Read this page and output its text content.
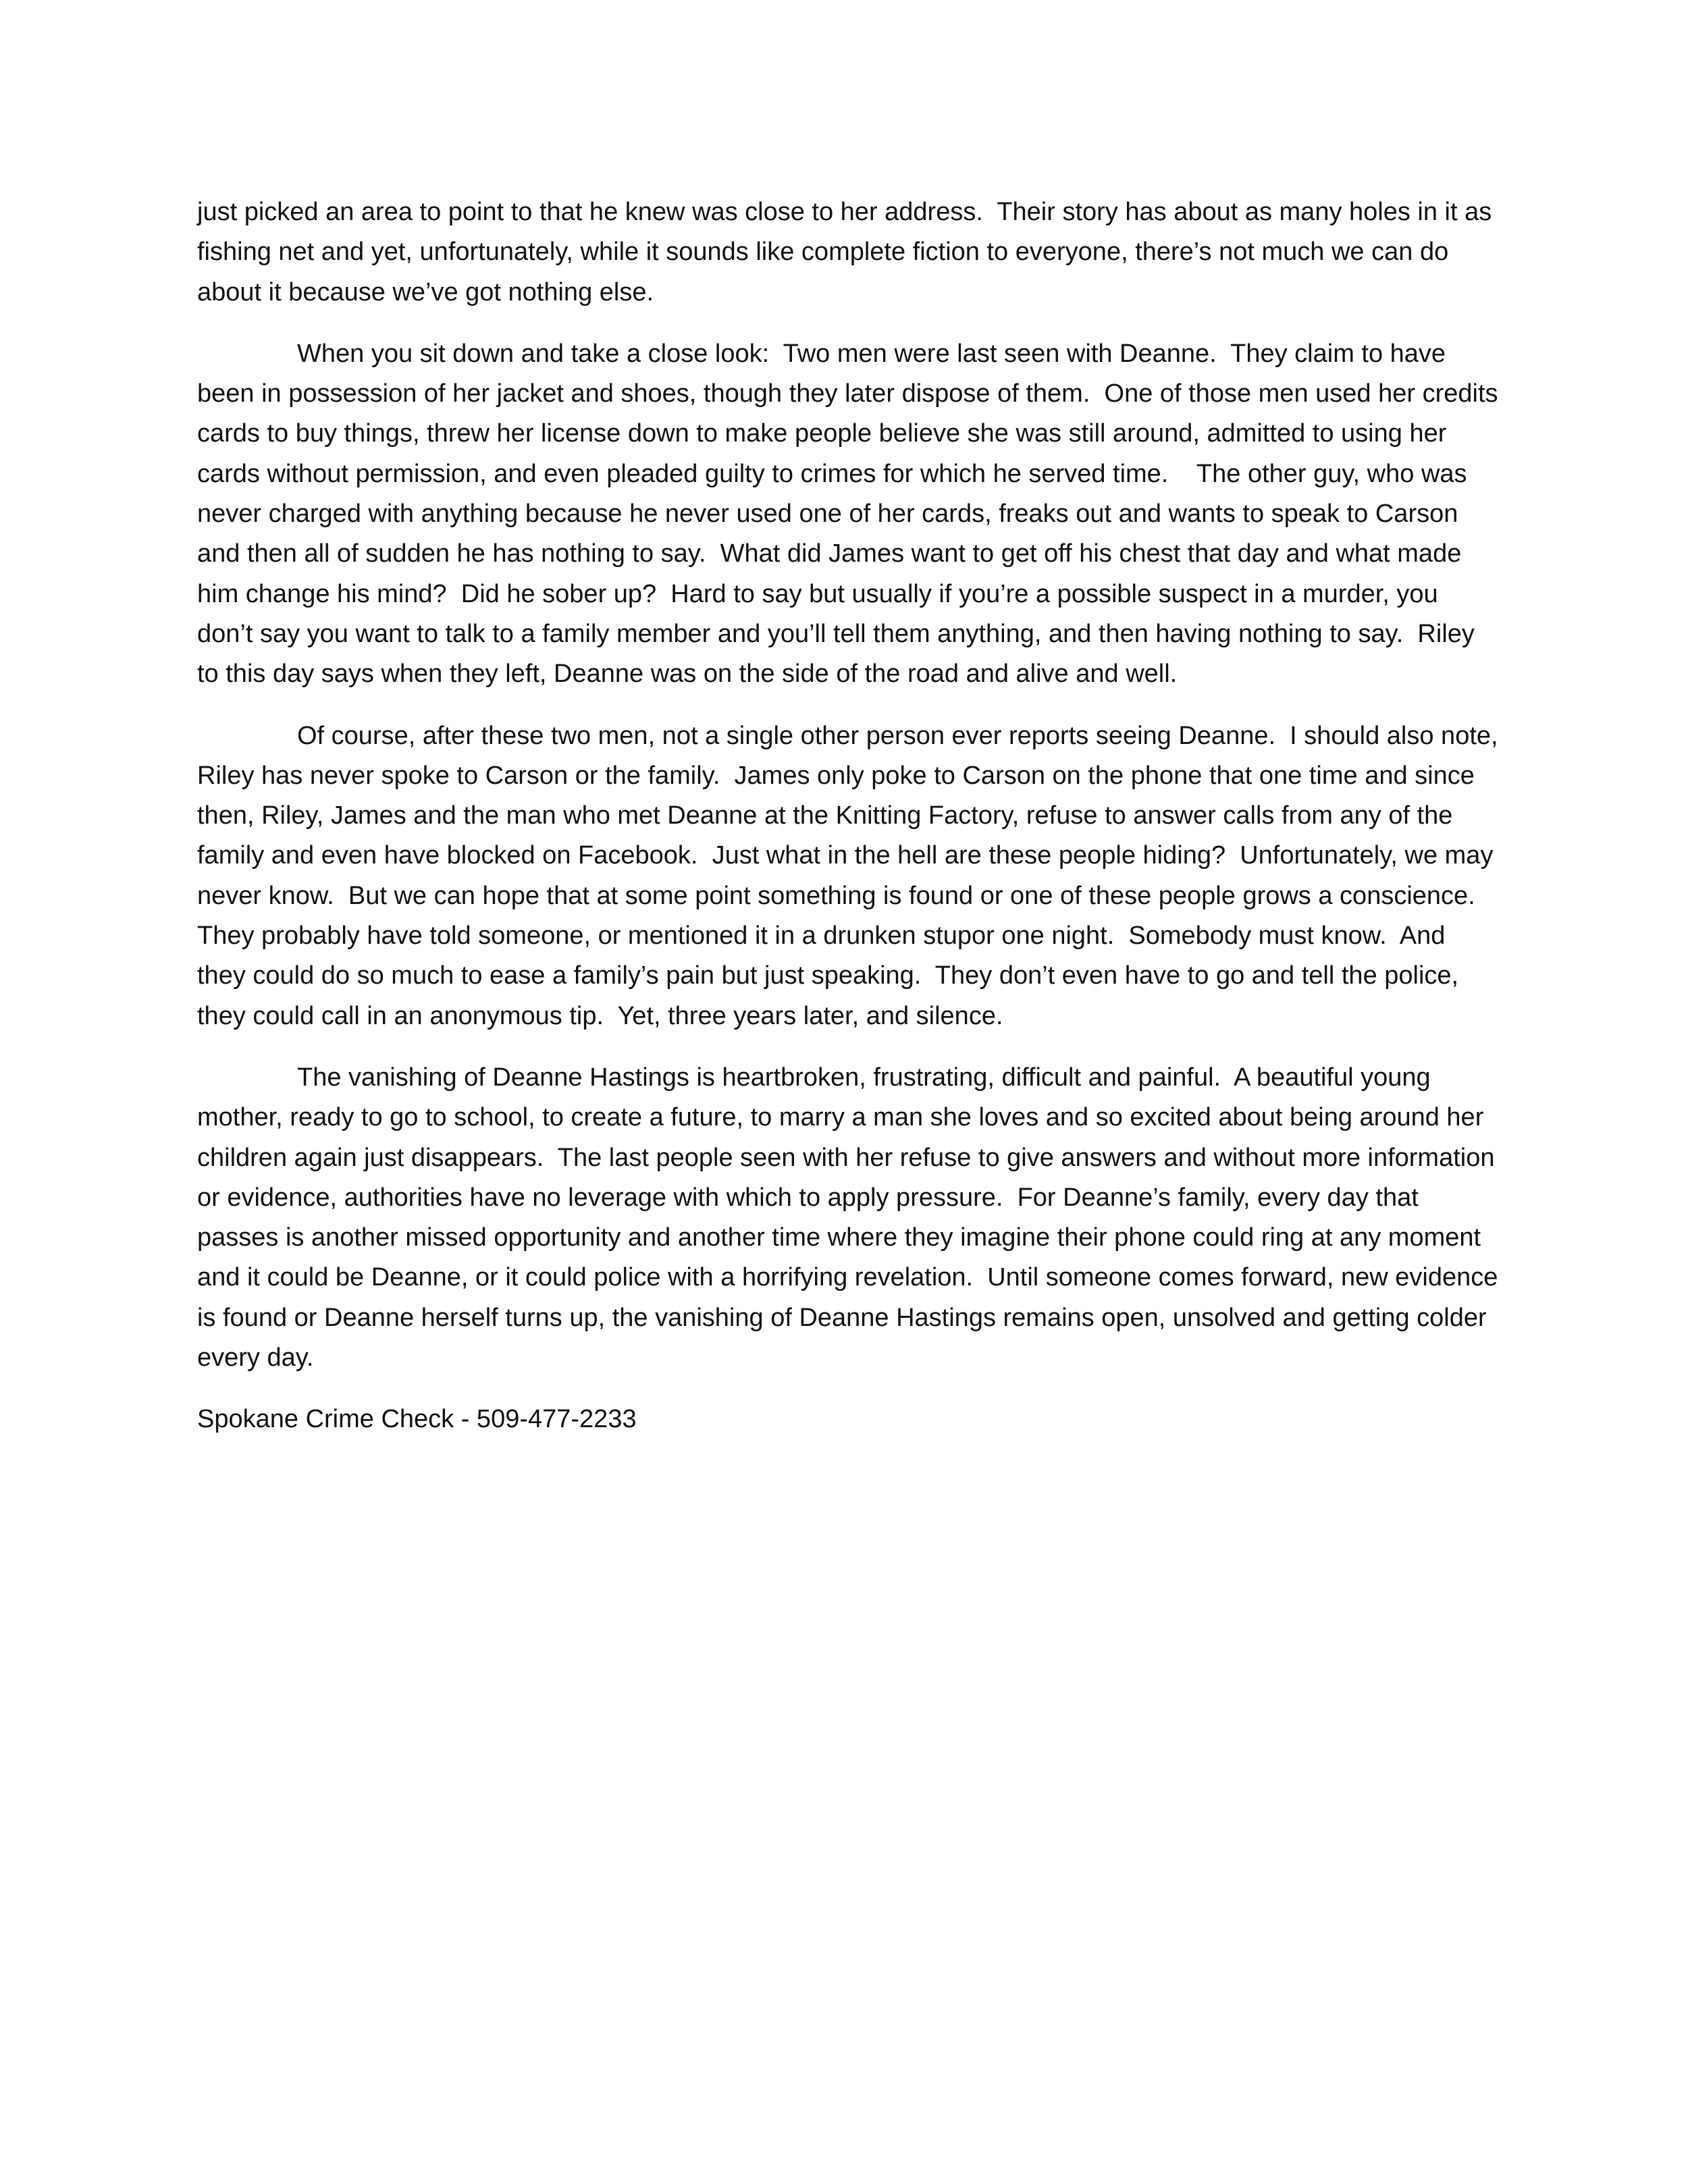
just picked an area to point to that he knew was close to her address.  Their story has about as many holes in it as fishing net and yet, unfortunately, while it sounds like complete fiction to everyone, there’s not much we can do about it because we’ve got nothing else.

When you sit down and take a close look:  Two men were last seen with Deanne.  They claim to have been in possession of her jacket and shoes, though they later dispose of them.  One of those men used her credits cards to buy things, threw her license down to make people believe she was still around, admitted to using her cards without permission, and even pleaded guilty to crimes for which he served time.    The other guy, who was never charged with anything because he never used one of her cards, freaks out and wants to speak to Carson and then all of sudden he has nothing to say.  What did James want to get off his chest that day and what made him change his mind?  Did he sober up?  Hard to say but usually if you’re a possible suspect in a murder, you don’t say you want to talk to a family member and you’ll tell them anything, and then having nothing to say.  Riley to this day says when they left, Deanne was on the side of the road and alive and well.

Of course, after these two men, not a single other person ever reports seeing Deanne.  I should also note, Riley has never spoke to Carson or the family.  James only poke to Carson on the phone that one time and since then, Riley, James and the man who met Deanne at the Knitting Factory, refuse to answer calls from any of the family and even have blocked on Facebook.  Just what in the hell are these people hiding?  Unfortunately, we may never know.  But we can hope that at some point something is found or one of these people grows a conscience.  They probably have told someone, or mentioned it in a drunken stupor one night.  Somebody must know.  And they could do so much to ease a family’s pain but just speaking.  They don’t even have to go and tell the police, they could call in an anonymous tip.  Yet, three years later, and silence.

The vanishing of Deanne Hastings is heartbroken, frustrating, difficult and painful.  A beautiful young mother, ready to go to school, to create a future, to marry a man she loves and so excited about being around her children again just disappears.  The last people seen with her refuse to give answers and without more information or evidence, authorities have no leverage with which to apply pressure.  For Deanne’s family, every day that passes is another missed opportunity and another time where they imagine their phone could ring at any moment and it could be Deanne, or it could police with a horrifying revelation.  Until someone comes forward, new evidence is found or Deanne herself turns up, the vanishing of Deanne Hastings remains open, unsolved and getting colder every day.

Spokane Crime Check - 509-477-2233
